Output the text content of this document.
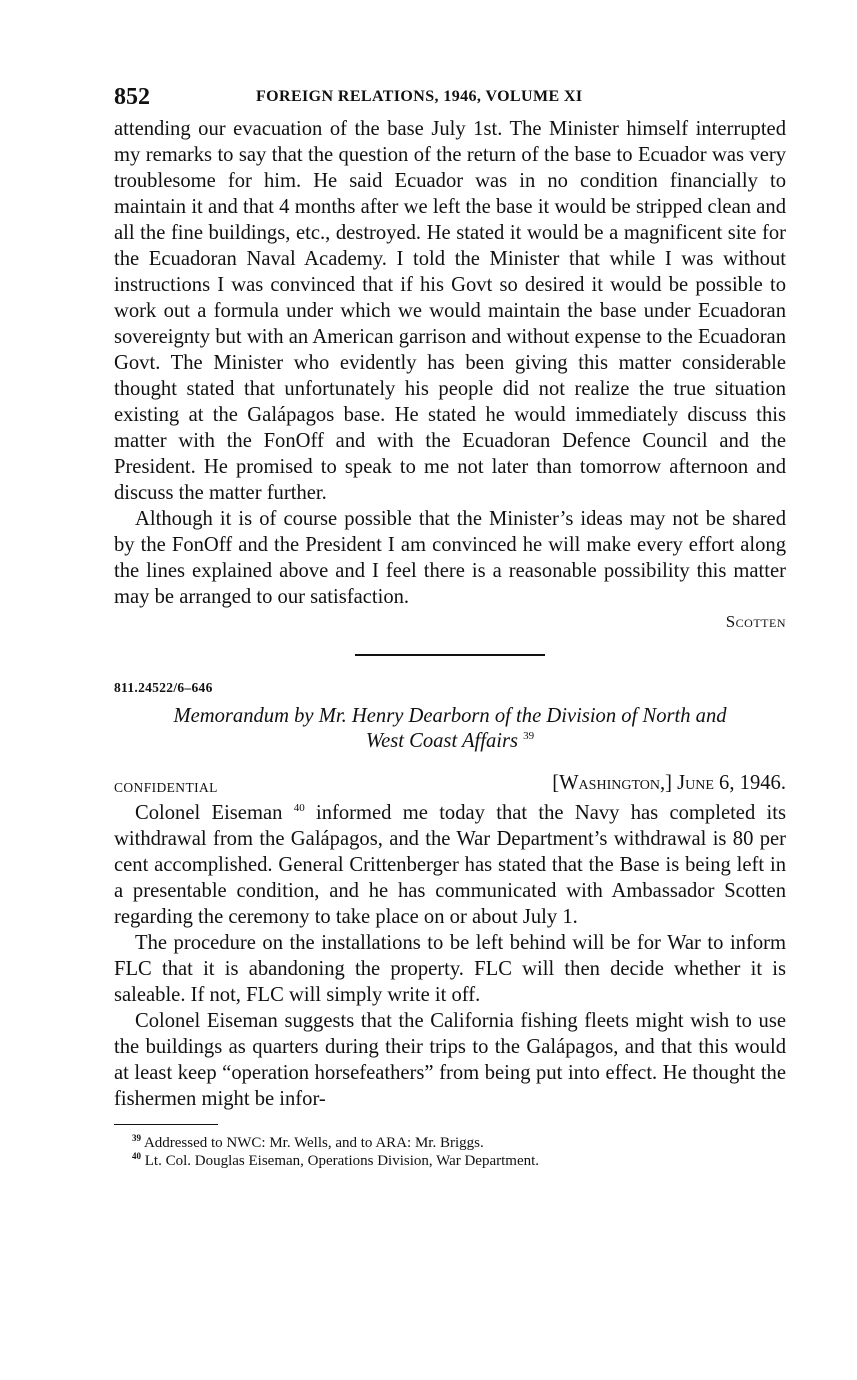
852	FOREIGN RELATIONS, 1946, VOLUME XI

attending our evacuation of the base July 1st. The Minister himself interrupted my remarks to say that the question of the return of the base to Ecuador was very troublesome for him. He said Ecuador was in no condition financially to maintain it and that 4 months after we left the base it would be stripped clean and all the fine buildings, etc., destroyed. He stated it would be a magnificent site for the Ecuadoran Naval Academy. I told the Minister that while I was without instructions I was convinced that if his Govt so desired it would be possible to work out a formula under which we would maintain the base under Ecuadoran sovereignty but with an American garrison and without expense to the Ecuadoran Govt. The Minister who evidently has been giving this matter considerable thought stated that unfortunately his people did not realize the true situation existing at the Galápagos base. He stated he would immediately discuss this matter with the FonOff and with the Ecuadoran Defence Council and the President. He promised to speak to me not later than tomorrow afternoon and discuss the matter further.

Although it is of course possible that the Minister’s ideas may not be shared by the FonOff and the President I am convinced he will make every effort along the lines explained above and I feel there is a reasonable possibility this matter may be arranged to our satisfaction.

Scotten
811.24522/6–646
Memorandum by Mr. Henry Dearborn of the Division of North and
West Coast Affairs $^{39}$
CONFIDENTIAL	[Washington,] June 6, 1946.

Colonel Eiseman $^{40}$ informed me today that the Navy has completed its withdrawal from the Galápagos, and the War Department’s withdrawal is 80 per cent accomplished. General Crittenberger has stated that the Base is being left in a presentable condition, and he has communicated with Ambassador Scotten regarding the ceremony to take place on or about July 1.

The procedure on the installations to be left behind will be for War to inform FLC that it is abandoning the property. FLC will then decide whether it is saleable. If not, FLC will simply write it off.

Colonel Eiseman suggests that the California fishing fleets might wish to use the buildings as quarters during their trips to the Galápagos, and that this would at least keep “operation horsefeathers” from being put into effect. He thought the fishermen might be infor-

$^{39}$ Addressed to NWC: Mr. Wells, and to ARA: Mr. Briggs.
$^{40}$ Lt. Col. Douglas Eiseman, Operations Division, War Department.
